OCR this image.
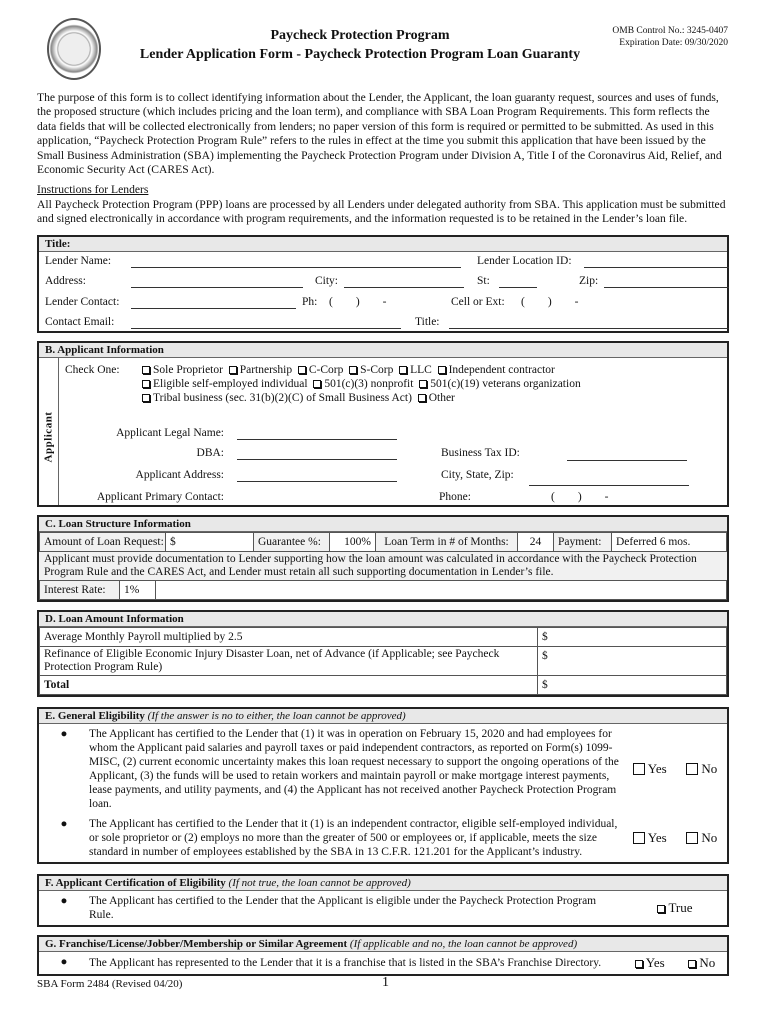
Paycheck Protection Program
Lender Application Form - Paycheck Protection Program Loan Guaranty
OMB Control No.: 3245-0407
Expiration Date: 09/30/2020
The purpose of this form is to collect identifying information about the Lender, the Applicant, the loan guaranty request, sources and uses of funds, the proposed structure (which includes pricing and the loan term), and compliance with SBA Loan Program Requirements. This form reflects the data fields that will be collected electronically from lenders; no paper version of this form is required or permitted to be submitted. As used in this application, “Paycheck Protection Program Rule” refers to the rules in effect at the time you submit this application that have been issued by the Small Business Administration (SBA) implementing the Paycheck Protection Program under Division A, Title I of the Coronavirus Aid, Relief, and Economic Security Act (CARES Act).
Instructions for Lenders
All Paycheck Protection Program (PPP) loans are processed by all Lenders under delegated authority from SBA. This application must be submitted and signed electronically in accordance with program requirements, and the information requested is to be retained in the Lender’s loan file.
Title:
Lender Name:	Lender Location ID:
Address:	City:	St:	Zip:
Lender Contact:	Ph: (        )        -	Cell or Ext: (        )        -
Contact Email:	Title:
B. Applicant Information
Applicant
Check One:	Sole Proprietor Partnership C-Corp S-Corp LLC Independent contractor
Eligible self-employed individual 501(c)(3) nonprofit 501(c)(19) veterans organization
Tribal business (sec. 31(b)(2)(C) of Small Business Act) Other
Applicant Legal Name:
DBA:	Business Tax ID:
Applicant Address:	City, State, Zip:
Applicant Primary Contact:	Phone:	(        )        -
C. Loan Structure Information
Amount of Loan Request:	$	Guarantee %:	100%	Loan Term in # of Months:	24	Payment:	Deferred 6 mos.
Applicant must provide documentation to Lender supporting how the loan amount was calculated in accordance with the Paycheck Protection Program Rule and the CARES Act, and Lender must retain all such supporting documentation in Lender’s file.
Interest Rate:	1%	
D. Loan Amount Information
Average Monthly Payroll multiplied by 2.5	$
Refinance of Eligible Economic Injury Disaster Loan, net of Advance (if Applicable; see Paycheck Protection Program Rule)	$
Total	$
E. General Eligibility (If the answer is no to either, the loan cannot be approved)
●	The Applicant has certified to the Lender that (1) it was in operation on February 15, 2020 and had employees for whom the Applicant paid salaries and payroll taxes or paid independent contractors, as reported on Form(s) 1099-MISC, (2) current economic uncertainty makes this loan request necessary to support the ongoing operations of the Applicant, (3) the funds will be used to retain workers and maintain payroll or make mortgage interest payments, lease payments, and utility payments, and (4) the Applicant has not received another Paycheck Protection Program loan.
Yes	No
●	The Applicant has certified to the Lender that it (1) is an independent contractor, eligible self-employed individual, or sole proprietor or (2) employs no more than the greater of 500 or employees or, if applicable, meets the size standard in number of employees established by the SBA in 13 C.F.R. 121.201 for the Applicant’s industry.
Yes	No
F. Applicant Certification of Eligibility (If not true, the loan cannot be approved)
●	The Applicant has certified to the Lender that the Applicant is eligible under the Paycheck Protection Program Rule.	True
G. Franchise/License/Jobber/Membership or Similar Agreement (If applicable and no, the loan cannot be approved)
●	The Applicant has represented to the Lender that it is a franchise that is listed in the SBA’s Franchise Directory.	Yes	No
SBA Form 2484 (Revised 04/20)	1
